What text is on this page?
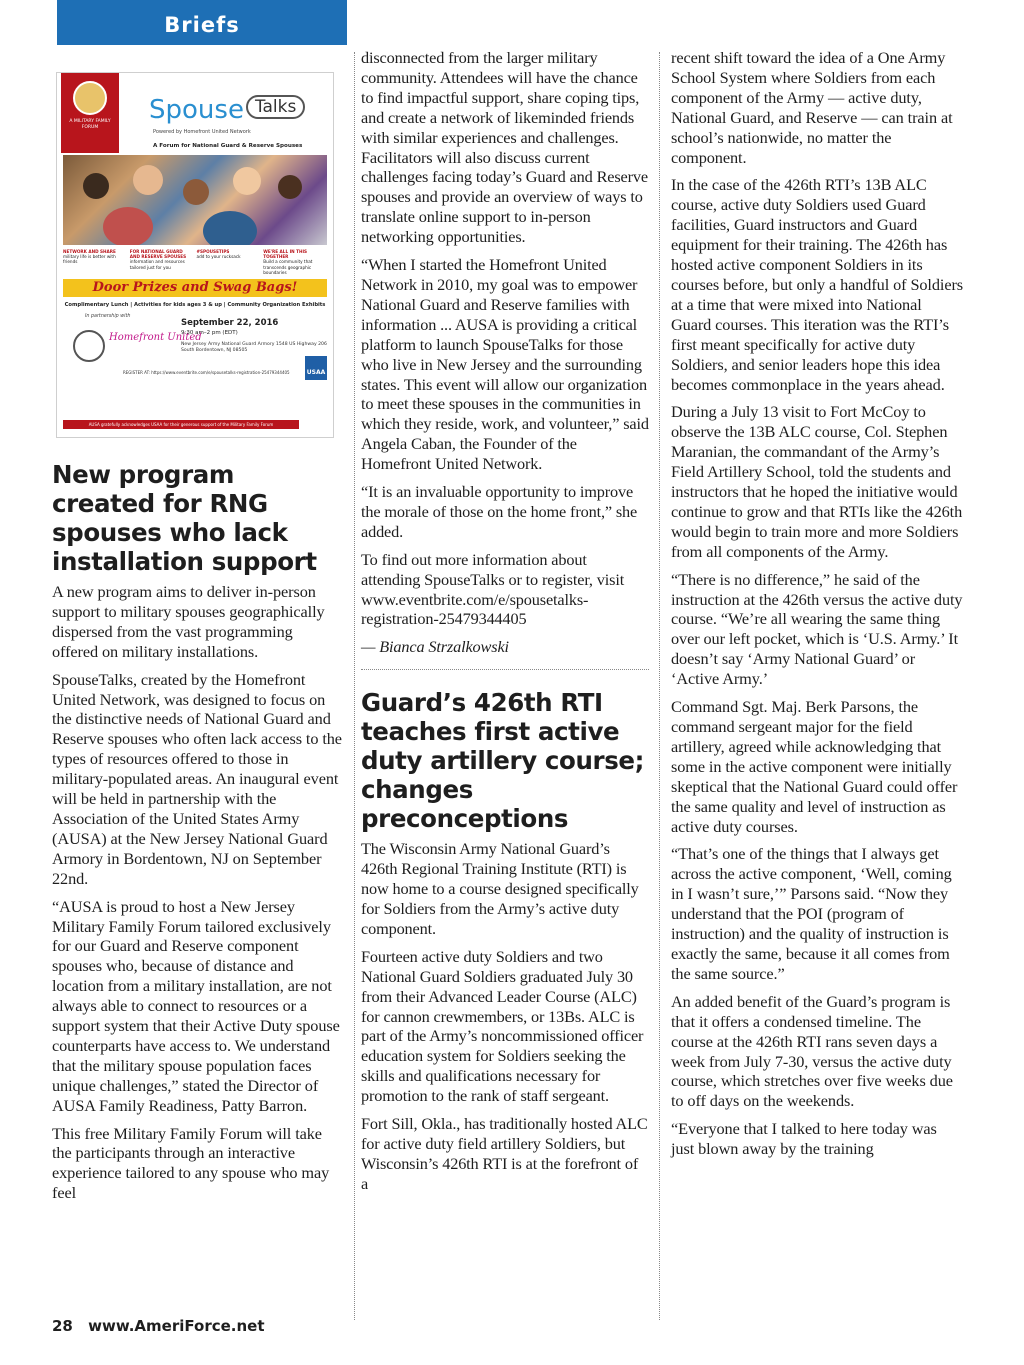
Briefs
A MILITARY FAMILY FORUM
Spouse Talks
Powered by Homefront United Network
A Forum for National Guard & Reserve Spouses
NETWORK AND SHARE
military life is better with friends
FOR NATIONAL GUARD AND RESERVE SPOUSES
information and resources tailored just for you
#SPOUSETIPS
add to your rucksack
WE'RE ALL IN THIS TOGETHER
Build a community that transcends geographic boundaries
Door Prizes and Swag Bags!
Complimentary Lunch | Activities for kids ages 3 & up | Community Organization Exhibits
In partnership with
Homefront United
September 22, 2016
9:30 am–2 pm (EDT)
New Jersey Army National Guard Armory 1548 US Highway 206 South Bordentown, NJ 08505
REGISTER AT: https://www.eventbrite.com/e/spousetalks-registration-25479344405	USAA
AUSA gratefully acknowledges USAA for their generous support of the Military Family Forum
New program created for RNG spouses who lack installation support

A new program aims to deliver in-person support to military spouses geographically dispersed from the vast programming offered on military installations.

SpouseTalks, created by the Homefront United Network, was designed to focus on the distinctive needs of National Guard and Reserve spouses who often lack access to the types of resources offered to those in military-populated areas. An inaugural event will be held in partnership with the Association of the United States Army (AUSA) at the New Jersey National Guard Armory in Bordentown, NJ on September 22nd.

“AUSA is proud to host a New Jersey Military Family Forum tailored exclusively for our Guard and Reserve component spouses who, because of distance and location from a military installation, are not always able to connect to resources or a support system that their Active Duty spouse counterparts have access to. We understand that the military spouse population faces unique challenges,” stated the Director of AUSA Family Readiness, Patty Barron.

This free Military Family Forum will take the participants through an interactive experience tailored to any spouse who may feel

disconnected from the larger military community. Attendees will have the chance to find impactful support, share coping tips, and create a network of likeminded friends with similar experiences and challenges. Facilitators will also discuss current challenges facing today’s Guard and Reserve spouses and provide an overview of ways to translate online support to in-person networking opportunities.

“When I started the Homefront United Network in 2010, my goal was to empower National Guard and Reserve families with information ... AUSA is providing a critical platform to launch SpouseTalks for those who live in New Jersey and the surrounding states. This event will allow our organization to meet these spouses in the communities in which they reside, work, and volunteer,” said Angela Caban, the Founder of the Homefront United Network.

“It is an invaluable opportunity to improve the morale of those on the home front,” she added.

To find out more information about attending SpouseTalks or to register, visit www.eventbrite.com/e/spousetalks-registration-25479344405

— Bianca Strzalkowski

Guard’s 426th RTI teaches first active duty artillery course; changes preconceptions

The Wisconsin Army National Guard’s 426th Regional Training Institute (RTI) is now home to a course designed specifically for Soldiers from the Army’s active duty component.

Fourteen active duty Soldiers and two National Guard Soldiers graduated July 30 from their Advanced Leader Course (ALC) for cannon crewmembers, or 13Bs. ALC is part of the Army’s noncommissioned officer education system for Soldiers seeking the skills and qualifications necessary for promotion to the rank of staff sergeant.

Fort Sill, Okla., has traditionally hosted ALC for active duty field artillery Soldiers, but Wisconsin’s 426th RTI is at the forefront of a

recent shift toward the idea of a One Army School System where Soldiers from each component of the Army — active duty, National Guard, and Reserve — can train at school’s nationwide, no matter the component.

In the case of the 426th RTI’s 13B ALC course, active duty Soldiers used Guard facilities, Guard instructors and Guard equipment for their training. The 426th has hosted active component Soldiers in its courses before, but only a handful of Soldiers at a time that were mixed into National Guard courses. This iteration was the RTI’s first meant specifically for active duty Soldiers, and senior leaders hope this idea becomes commonplace in the years ahead.

During a July 13 visit to Fort McCoy to observe the 13B ALC course, Col. Stephen Maranian, the commandant of the Army’s Field Artillery School, told the students and instructors that he hoped the initiative would continue to grow and that RTIs like the 426th would begin to train more and more Soldiers from all components of the Army.

“There is no difference,” he said of the instruction at the 426th versus the active duty course. “We’re all wearing the same thing over our left pocket, which is ‘U.S. Army.’ It doesn’t say ‘Army National Guard’ or ‘Active Army.’

Command Sgt. Maj. Berk Parsons, the command sergeant major for the field artillery, agreed while acknowledging that some in the active component were initially skeptical that the National Guard could offer the same quality and level of instruction as active duty courses.

“That’s one of the things that I always get across the active component, ‘Well, coming in I wasn’t sure,’” Parsons said. “Now they understand that the POI (program of instruction) and the quality of instruction is exactly the same, because it all comes from the same source.”

An added benefit of the Guard’s program is that it offers a condensed timeline. The course at the 426th RTI rans seven days a week from July 7-30, versus the active duty course, which stretches over five weeks due to off days on the weekends.

“Everyone that I talked to here today was just blown away by the training

28 www.AmeriForce.net
